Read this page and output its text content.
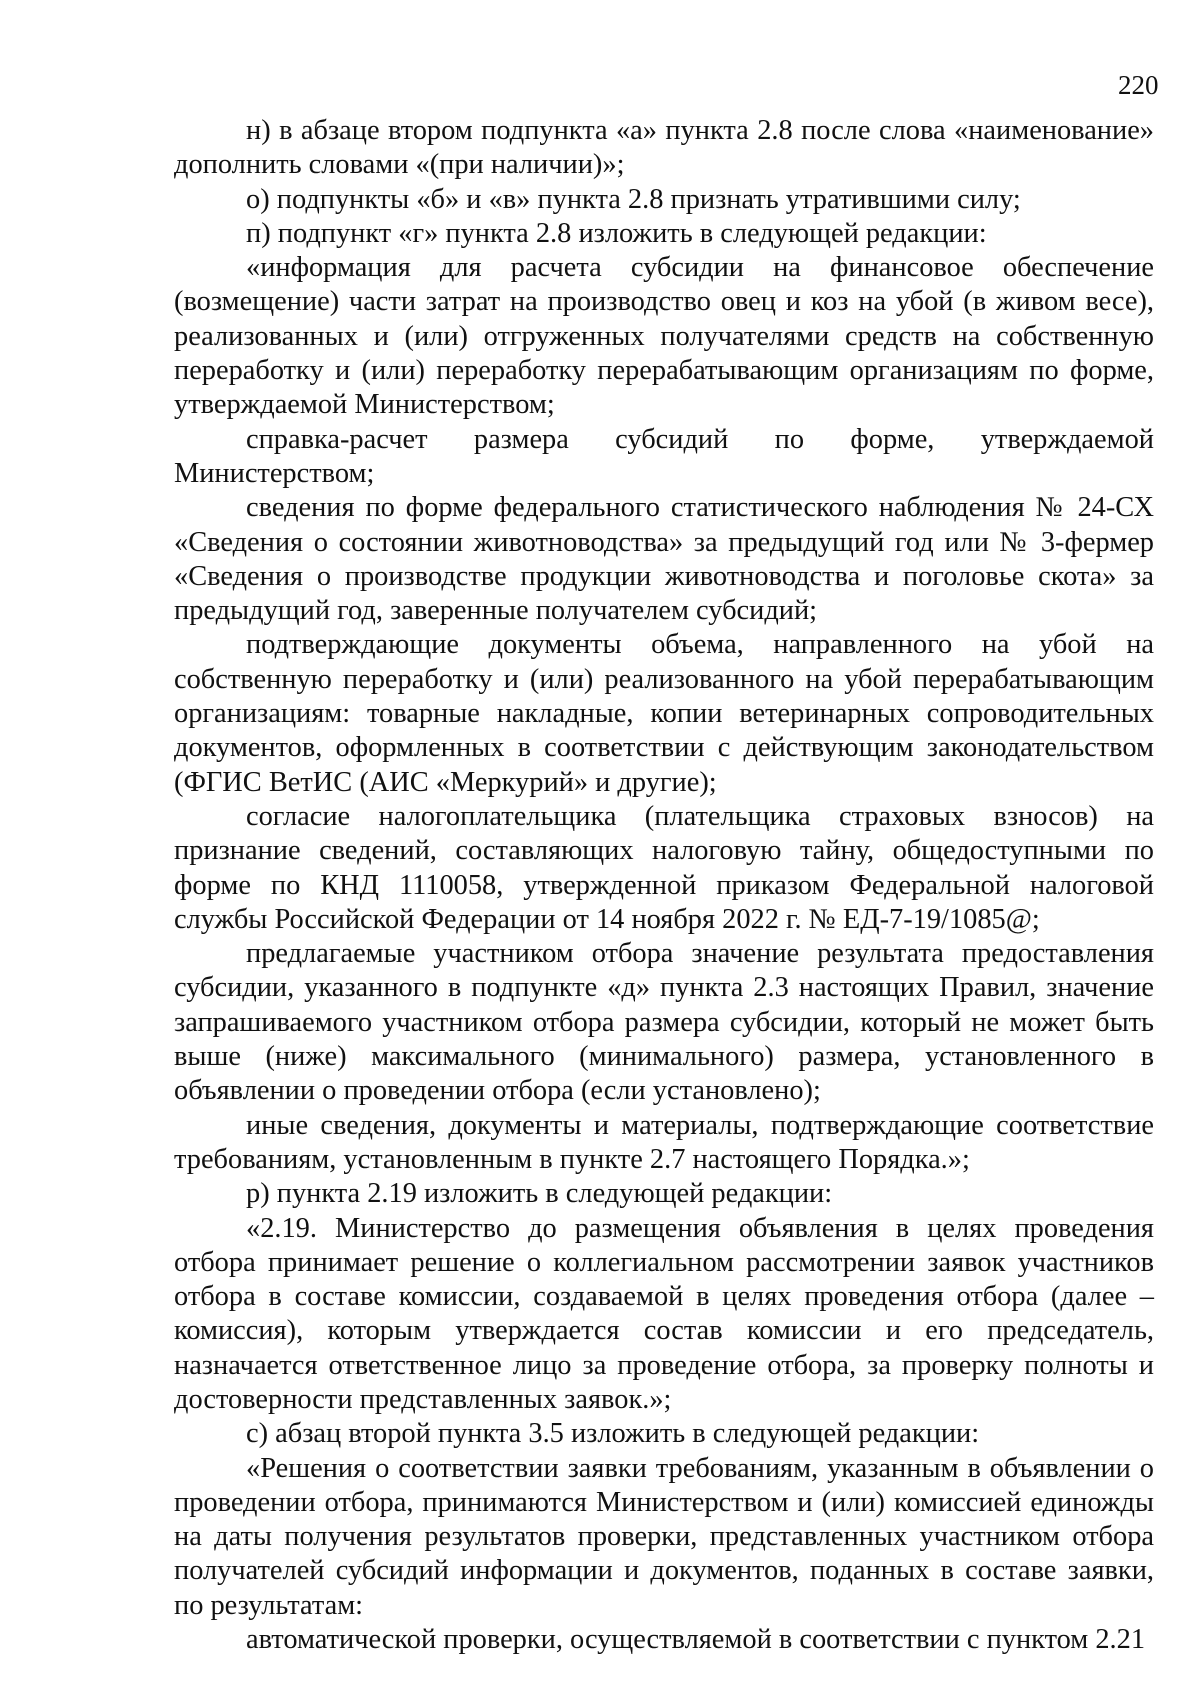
220

н) в абзаце втором подпункта «а» пункта 2.8 после слова «наименование» дополнить словами «(при наличии)»;

о) подпункты «б» и «в» пункта 2.8 признать утратившими силу;

п) подпункт «г» пункта 2.8 изложить в следующей редакции:

«информация для расчета субсидии на финансовое обеспечение (возмещение) части затрат на производство овец и коз на убой (в живом весе), реализованных и (или) отгруженных получателями средств на собственную переработку и (или) переработку перерабатывающим организациям по форме, утверждаемой Министерством;

справка-расчет размера субсидий по форме, утверждаемой Министерством;

сведения по форме федерального статистического наблюдения № 24-СХ «Сведения о состоянии животноводства» за предыдущий год или № 3-фермер «Сведения о производстве продукции животноводства и поголовье скота» за предыдущий год, заверенные получателем субсидий;

подтверждающие документы объема, направленного на убой на собственную переработку и (или) реализованного на убой перерабатывающим организациям: товарные накладные, копии ветеринарных сопроводительных документов, оформленных в соответствии с действующим законодательством (ФГИС ВетИС (АИС «Меркурий» и другие);

согласие налогоплательщика (плательщика страховых взносов) на признание сведений, составляющих налоговую тайну, общедоступными по форме по КНД 1110058, утвержденной приказом Федеральной налоговой службы Российской Федерации от 14 ноября 2022 г. № ЕД-7-19/1085@;

предлагаемые участником отбора значение результата предоставления субсидии, указанного в подпункте «д» пункта 2.3 настоящих Правил, значение запрашиваемого участником отбора размера субсидии, который не может быть выше (ниже) максимального (минимального) размера, установленного в объявлении о проведении отбора (если установлено);

иные сведения, документы и материалы, подтверждающие соответствие требованиям, установленным в пункте 2.7 настоящего Порядка.»;

р) пункта 2.19 изложить в следующей редакции:

«2.19. Министерство до размещения объявления в целях проведения отбора принимает решение о коллегиальном рассмотрении заявок участников отбора в составе комиссии, создаваемой в целях проведения отбора (далее – комиссия), которым утверждается состав комиссии и его председатель, назначается ответственное лицо за проведение отбора, за проверку полноты и достоверности представленных заявок.»;

с) абзац второй пункта 3.5 изложить в следующей редакции:

«Решения о соответствии заявки требованиям, указанным в объявлении о проведении отбора, принимаются Министерством и (или) комиссией единожды на даты получения результатов проверки, представленных участником отбора получателей субсидий информации и документов, поданных в составе заявки, по результатам:

автоматической проверки, осуществляемой в соответствии с пунктом 2.21
